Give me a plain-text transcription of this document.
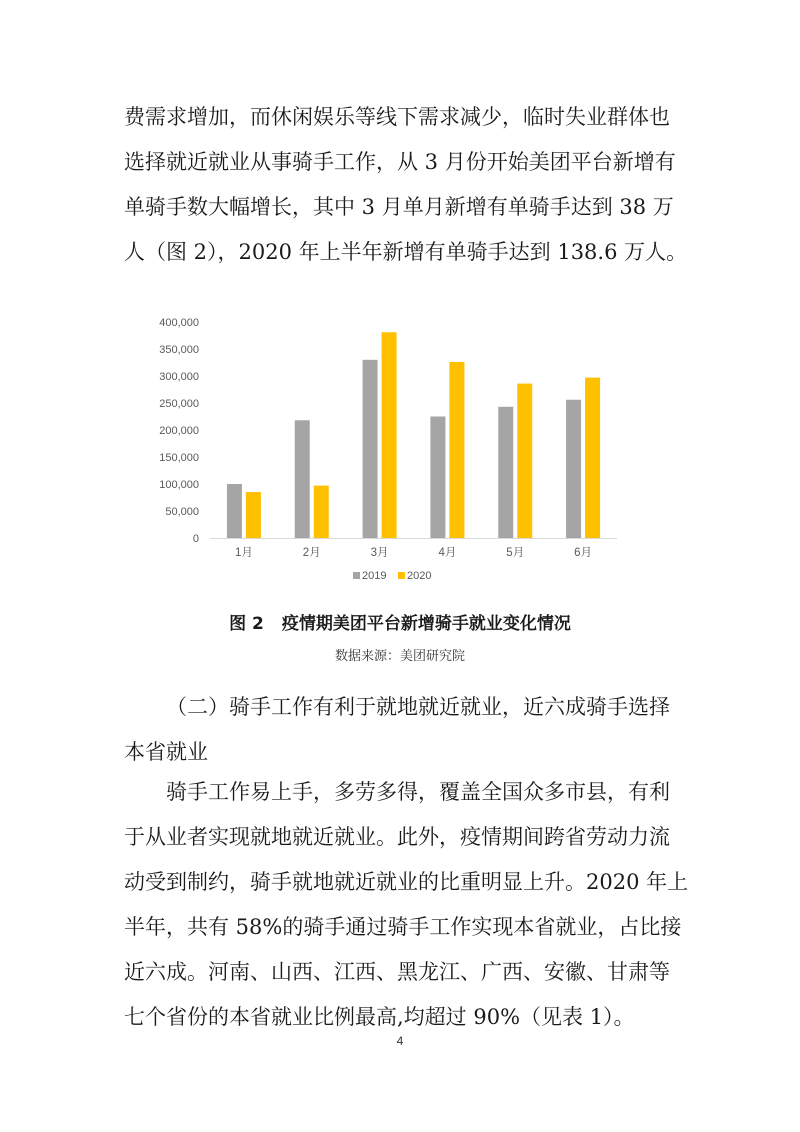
费需求增加，而休闲娱乐等线下需求减少，临时失业群体也
选择就近就业从事骑手工作，从 3 月份开始美团平台新增有
单骑手数大幅增长，其中 3 月单月新增有单骑手达到 38 万
人（图 2），2020 年上半年新增有单骑手达到 138.6 万人。
0
50,000
100,000
150,000
200,000
250,000
300,000
350,000
400,000
1月	2月	3月	4月	5月	6月
2019 2020

图 2 疫情期美团平台新增骑手就业变化情况

数据来源：美团研究院

（二）骑手工作有利于就地就近就业，近六成骑手选择
本省就业
骑手工作易上手，多劳多得，覆盖全国众多市县，有利
于从业者实现就地就近就业。此外，疫情期间跨省劳动力流
动受到制约，骑手就地就近就业的比重明显上升。2020 年上
半年，共有 58%的骑手通过骑手工作实现本省就业，占比接
近六成。河南、山西、江西、黑龙江、广西、安徽、甘肃等
七个省份的本省就业比例最高,均超过 90%（见表 1）。

4
